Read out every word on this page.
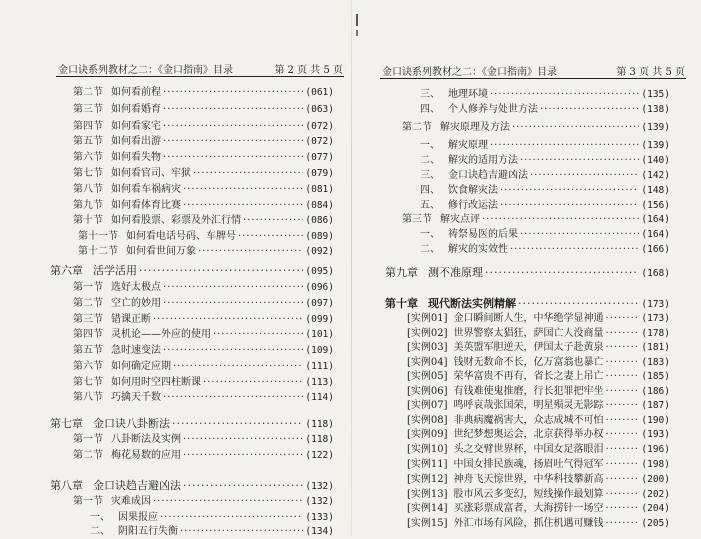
金口诀系列教材之二：《金口指南》目录	第 2 页 共 5 页
第二节 如何看前程 ·····	(061)
第三节 如何看婚育 ·····	(063)
第四节 如何看家宅 ·····	(072)
第五节 如何看出游 ·····	(072)
第六节 如何看失物 ·····	(077)
第七节 如何看官司、牢狱 ·····	(079)
第八节 如何看车祸病灾 ·····	(081)
第九节 如何看体育比赛 ·····	(084)
第十节 如何看股票、彩票及外汇行情 ·····	(086)
第十一节 如何看电话号码、车牌号 ·····	(089)
第十二节 如何看世间万象 ·····	(092)
第六章 活学活用 ·····	(095)
第一节 选好太极点 ·····	(096)
第二节 空亡的妙用 ·····	(097)
第三节 错课正断 ·····	(099)
第四节 灵机论——外应的使用 ·····	(101)
第五节 急时速变法 ·····	(109)
第六节 如何确定应期 ·····	(111)
第七节 如何用时空四柱断课 ·····	(113)
第八节 巧擒天千数 ·····	(114)
第七章 金口诀八卦断法 ·····	(118)
第一节 八卦断法及实例 ·····	(118)
第二节 梅花易数的应用 ·····	(122)
第八章 金口诀趋吉避凶法 ·····	(132)
第一节 灾难成因 ·····	(132)
一、 因果报应 ·····	(133)
二、 阴阳五行失衡 ·····	(134)
金口诀系列教材之二：《金口指南》目录	第 3 页 共 5 页
三、 地理环境 ·····	(135)
四、 个人修养与处世方法 ·····	(138)
第二节 解灾原理及方法 ·····	(139)
一、 解灾原理 ·····	(139)
二、 解灾的适用方法 ·····	(140)
三、 金口诀趋吉避凶法 ·····	(142)
四、 饮食解灾法 ·····	(148)
五、 修行改运法 ·····	(156)
第三节 解灾点评 ·····	(164)
一、 祷祭易医的后果 ·····	(164)
二、 解灾的实效性 ·····	(166)
第九章 测不准原理 ·····	(168)
第十章 现代断法实例精解 ·····	(173)
[实例01] 金口瞬间断人生，中华绝学显神通 ·····	(173)
[实例02] 世界警察太猖狂，萨国亡人没商量 ·····	(178)
[实例03] 美英盟军胆逆天，伊国太子赴黄泉 ·····	(181)
[实例04] 钱财无数命不长，亿万富翁也暴亡 ·····	(183)
[实例05] 荣华富贵不再有，省长之妻上吊亡 ·····	(185)
[实例06] 有钱难使鬼推磨，行长犯罪把牢坐 ·····	(186)
[实例07] 鸣呼哀哉张国荣，明星殒灵无影踪 ·····	(187)
[实例08] 非典病魔祸害大，众志成城不可怕 ·····	(190)
[实例09] 世纪梦想奥运会，北京获得举办权 ·····	(193)
[实例10] 头之交臂世界杯，中国女足落眼泪 ·····	(196)
[实例11] 中国女排民族魂，扬眉吐气得冠军 ·····	(198)
[实例12] 神舟飞天惊世界，中华科技攀新高 ·····	(200)
[实例13] 股市风云多变幻，短线操作最划算 ·····	(202)
[实例14] 买涨彩票成富者，大海捞针一场空 ·····	(204)
[实例15] 外汇市场有风险，抓住机遇可赚钱 ·····	(205)
